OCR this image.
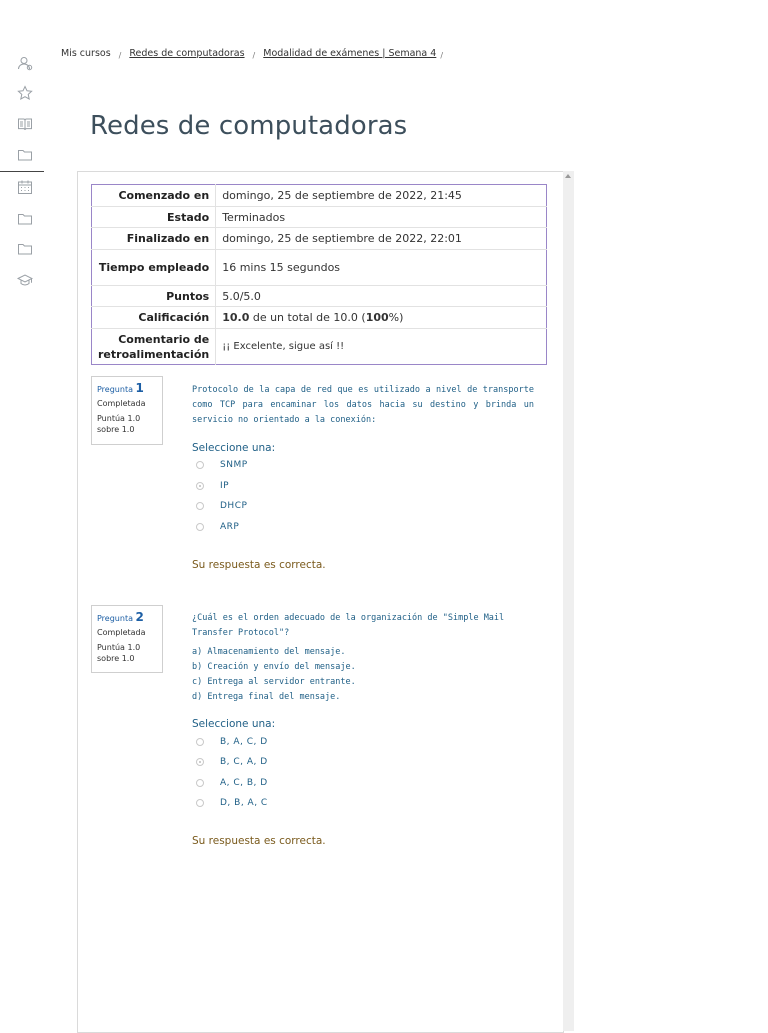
Mis cursos / Redes de computadoras / Modalidad de exámenes | Semana 4 /
Redes de computadoras
Comenzado en	domingo, 25 de septiembre de 2022, 21:45
Estado	Terminados
Finalizado en	domingo, 25 de septiembre de 2022, 22:01
Tiempo empleado	16 mins 15 segundos
Puntos	5.0/5.0
Calificación	10.0 de un total de 10.0 (100%)
Comentario de retroalimentación	¡¡ Excelente, sigue así !!
Pregunta 1
Completada
Puntúa 1.0 sobre 1.0
Protocolo de la capa de red que es utilizado a nivel de transporte como TCP para encaminar los datos hacia su destino y brinda un servicio no orientado a la conexión:
Seleccione una:
SNMP
IP
DHCP
ARP
Su respuesta es correcta.
Pregunta 2
Completada
Puntúa 1.0 sobre 1.0
¿Cuál es el orden adecuado de la organización de "Simple Mail Transfer Protocol"?
a) Almacenamiento del mensaje.
b) Creación y envío del mensaje.
c) Entrega al servidor entrante.
d) Entrega final del mensaje.
Seleccione una:
B, A, C, D
B, C, A, D
A, C, B, D
D, B, A, C
Su respuesta es correcta.
